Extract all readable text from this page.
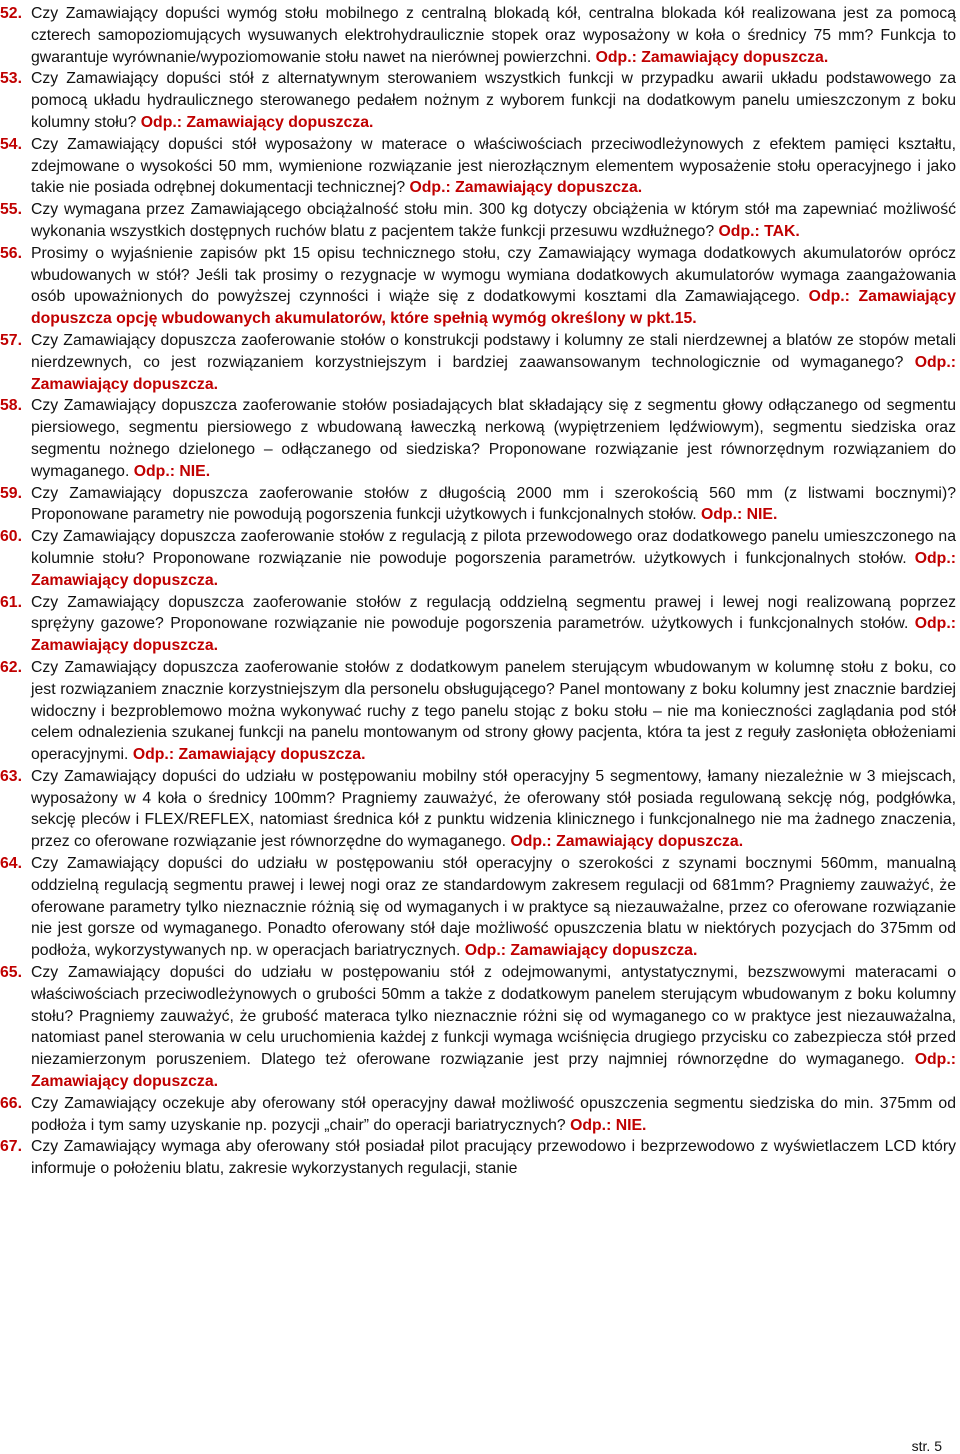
52. Czy Zamawiający dopuści wymóg stołu mobilnego z centralną blokadą kół, centralna blokada kół realizowana jest za pomocą czterech samopoziomujących wysuwanych elektrohydraulicznie stopek oraz wyposażony w koła o średnicy 75 mm? Funkcja to gwarantuje wyrównanie/wypoziomowanie stołu nawet na nierównej powierzchni. Odp.: Zamawiający dopuszcza.
53. Czy Zamawiający dopuści stół z alternatywnym sterowaniem wszystkich funkcji w przypadku awarii układu podstawowego za pomocą układu hydraulicznego sterowanego pedałem nożnym z wyborem funkcji na dodatkowym panelu umieszczonym z boku kolumny stołu? Odp.: Zamawiający dopuszcza.
54. Czy Zamawiający dopuści stół wyposażony w materace o właściwościach przeciwodleżynowych z efektem pamięci kształtu, zdejmowane o wysokości 50 mm, wymienione rozwiązanie jest nierozłącznym elementem wyposażenie stołu operacyjnego i jako takie nie posiada odrębnej dokumentacji technicznej? Odp.: Zamawiający dopuszcza.
55. Czy wymagana przez Zamawiającego obciążalność stołu min. 300 kg dotyczy obciążenia w którym stół ma zapewniać możliwość wykonania wszystkich dostępnych ruchów blatu z pacjentem także funkcji przesuwu wzdłużnego? Odp.: TAK.
56. Prosimy o wyjaśnienie zapisów pkt 15 opisu technicznego stołu, czy Zamawiający wymaga dodatkowych akumulatorów oprócz wbudowanych w stół? Jeśli tak prosimy o rezygnacje w wymogu wymiana dodatkowych akumulatorów wymaga zaangażowania osób upoważnionych do powyższej czynności i wiąże się z dodatkowymi kosztami dla Zamawiającego. Odp.: Zamawiający dopuszcza opcję wbudowanych akumulatorów, które spełnią wymóg określony w pkt.15.
57. Czy Zamawiający dopuszcza zaoferowanie stołów o konstrukcji podstawy i kolumny ze stali nierdzewnej a blatów ze stopów metali nierdzewnych, co jest rozwiązaniem korzystniejszym i bardziej zaawansowanym technologicznie od wymaganego? Odp.: Zamawiający dopuszcza.
58. Czy Zamawiający dopuszcza zaoferowanie stołów posiadających blat składający się z segmentu głowy odłączanego od segmentu piersiowego, segmentu piersiowego z wbudowaną ławeczką nerkową (wypiętrzeniem lędźwiowym), segmentu siedziska oraz segmentu nożnego dzielonego – odłączanego od siedziska? Proponowane rozwiązanie jest równorzędnym rozwiązaniem do wymaganego. Odp.: NIE.
59. Czy Zamawiający dopuszcza zaoferowanie stołów z długością 2000 mm i szerokością 560 mm (z listwami bocznymi)? Proponowane parametry nie powodują pogorszenia funkcji użytkowych i funkcjonalnych stołów. Odp.: NIE.
60. Czy Zamawiający dopuszcza zaoferowanie stołów z regulacją z pilota przewodowego oraz dodatkowego panelu umieszczonego na kolumnie stołu? Proponowane rozwiązanie nie powoduje pogorszenia parametrów. użytkowych i funkcjonalnych stołów. Odp.: Zamawiający dopuszcza.
61. Czy Zamawiający dopuszcza zaoferowanie stołów z regulacją oddzielną segmentu prawej i lewej nogi realizowaną poprzez sprężyny gazowe? Proponowane rozwiązanie nie powoduje pogorszenia parametrów. użytkowych i funkcjonalnych stołów. Odp.: Zamawiający dopuszcza.
62. Czy Zamawiający dopuszcza zaoferowanie stołów z dodatkowym panelem sterującym wbudowanym w kolumnę stołu z boku, co jest rozwiązaniem znacznie korzystniejszym dla personelu obsługującego? Panel montowany z boku kolumny jest znacznie bardziej widoczny i bezproblemowo można wykonywać ruchy z tego panelu stojąc z boku stołu – nie ma konieczności zaglądania pod stół celem odnalezienia szukanej funkcji na panelu montowanym od strony głowy pacjenta, która ta jest z reguły zasłonięta obłożeniami operacyjnymi. Odp.: Zamawiający dopuszcza.
63. Czy Zamawiający dopuści do udziału w postępowaniu mobilny stół operacyjny 5 segmentowy, łamany niezależnie w 3 miejscach, wyposażony w 4 koła o średnicy 100mm? Pragniemy zauważyć, że oferowany stół posiada regulowaną sekcję nóg, podgłówka, sekcję pleców i FLEX/REFLEX, natomiast średnica kół z punktu widzenia klinicznego i funkcjonalnego nie ma żadnego znaczenia, przez co oferowane rozwiązanie jest równorzędne do wymaganego. Odp.: Zamawiający dopuszcza.
64. Czy Zamawiający dopuści do udziału w postępowaniu stół operacyjny o szerokości z szynami bocznymi 560mm, manualną oddzielną regulacją segmentu prawej i lewej nogi oraz ze standardowym zakresem regulacji od 681mm? Pragniemy zauważyć, że oferowane parametry tylko nieznacznie różnią się od wymaganych i w praktyce są niezauważalne, przez co oferowane rozwiązanie nie jest gorsze od wymaganego. Ponadto oferowany stół daje możliwość opuszczenia blatu w niektórych pozycjach do 375mm od podłoża, wykorzystywanych np. w operacjach bariatrycznych. Odp.: Zamawiający dopuszcza.
65. Czy Zamawiający dopuści do udziału w postępowaniu stół z odejmowanymi, antystatycznymi, bezszwowymi materacami o właściwościach przeciwodleżynowych o grubości 50mm a także z dodatkowym panelem sterującym wbudowanym z boku kolumny stołu? Pragniemy zauważyć, że grubość materaca tylko nieznacznie różni się od wymaganego co w praktyce jest niezauważalna, natomiast panel sterowania w celu uruchomienia każdej z funkcji wymaga wciśnięcia drugiego przycisku co zabezpiecza stół przed niezamierzonym poruszeniem. Dlatego też oferowane rozwiązanie jest przy najmniej równorzędne do wymaganego. Odp.: Zamawiający dopuszcza.
66. Czy Zamawiający oczekuje aby oferowany stół operacyjny dawał możliwość opuszczenia segmentu siedziska do min. 375mm od podłoża i tym samy uzyskanie np. pozycji „chair” do operacji bariatrycznych? Odp.: NIE.
67. Czy Zamawiający wymaga aby oferowany stół posiadał pilot pracujący przewodowo i bezprzewodowo z wyświetlaczem LCD który informuje o położeniu blatu, zakresie wykorzystanych regulacji, stanie
str. 5
